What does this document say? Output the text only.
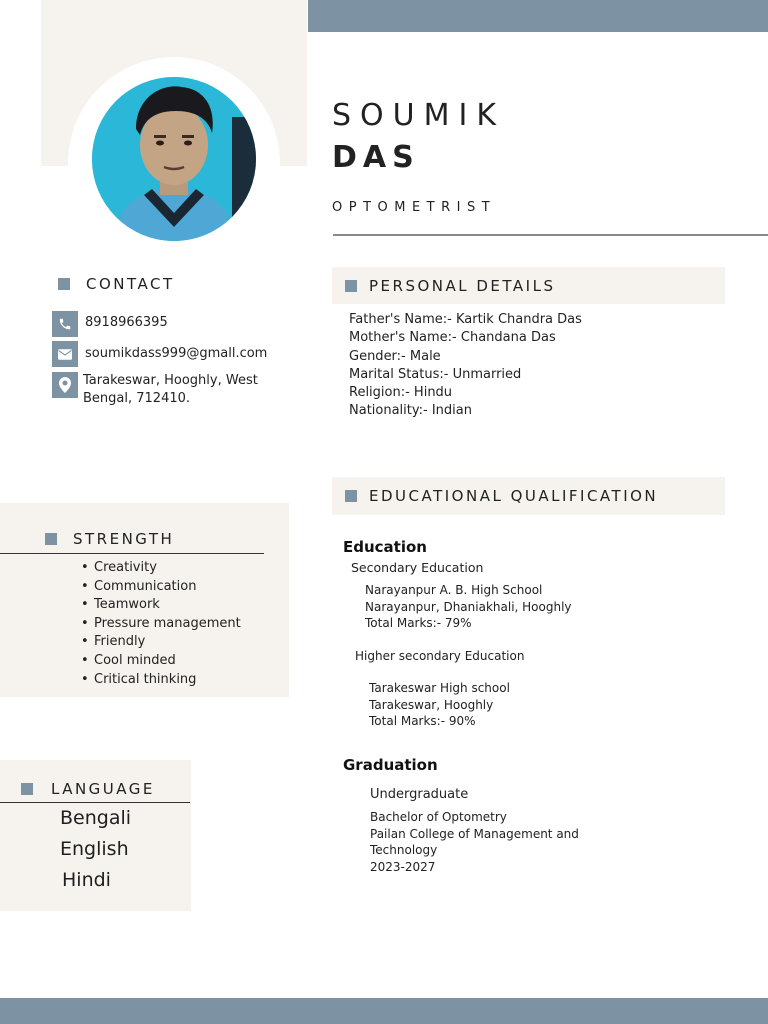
SOUMIK
DAS
OPTOMETRIST
CONTACT
8918966395
soumikdass999@gmall.com
Tarakeswar, Hooghly, West
Bengal, 712410.
STRENGTH
• Creativity
• Communication
• Teamwork
• Pressure management
• Friendly
• Cool minded
• Critical thinking
LANGUAGE
Bengali
English
Hindi
PERSONAL DETAILS
Father's Name:- Kartik Chandra Das
Mother's Name:- Chandana Das
Gender:- Male
Marital Status:- Unmarried
Religion:- Hindu
Nationality:- Indian
EDUCATIONAL QUALIFICATION
Education
Secondary Education
Narayanpur A. B. High School
Narayanpur, Dhaniakhali, Hooghly
Total Marks:- 79%
Higher secondary Education
Tarakeswar High school
Tarakeswar, Hooghly
Total Marks:- 90%
Graduation
Undergraduate
Bachelor of Optometry
Pailan College of Management and
Technology
2023-2027
